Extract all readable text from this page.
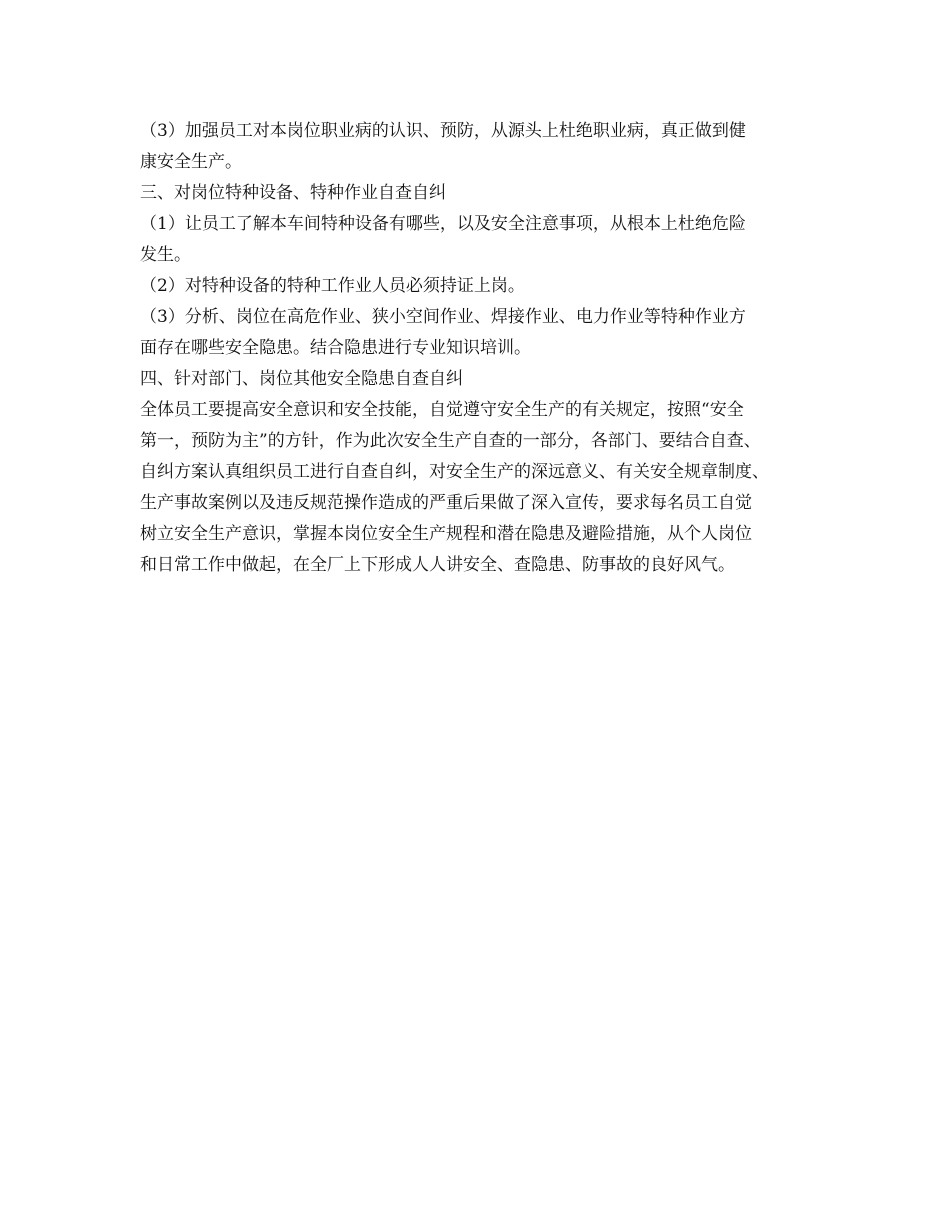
（3）加强员工对本岗位职业病的认识、预防，从源头上杜绝职业病，真正做到健
康安全生产。

三、对岗位特种设备、特种作业自查自纠

（1）让员工了解本车间特种设备有哪些，以及安全注意事项，从根本上杜绝危险
发生。

（2）对特种设备的特种工作业人员必须持证上岗。

（3）分析、岗位在高危作业、狭小空间作业、焊接作业、电力作业等特种作业方
面存在哪些安全隐患。结合隐患进行专业知识培训。

四、针对部门、岗位其他安全隐患自查自纠

全体员工要提高安全意识和安全技能，自觉遵守安全生产的有关规定，按照“安全
第一，预防为主”的方针，作为此次安全生产自查的一部分，各部门、要结合自查、
自纠方案认真组织员工进行自查自纠，对安全生产的深远意义、有关安全规章制度、
生产事故案例以及违反规范操作造成的严重后果做了深入宣传，要求每名员工自觉
树立安全生产意识，掌握本岗位安全生产规程和潜在隐患及避险措施，从个人岗位
和日常工作中做起，在全厂上下形成人人讲安全、查隐患、防事故的良好风气。
